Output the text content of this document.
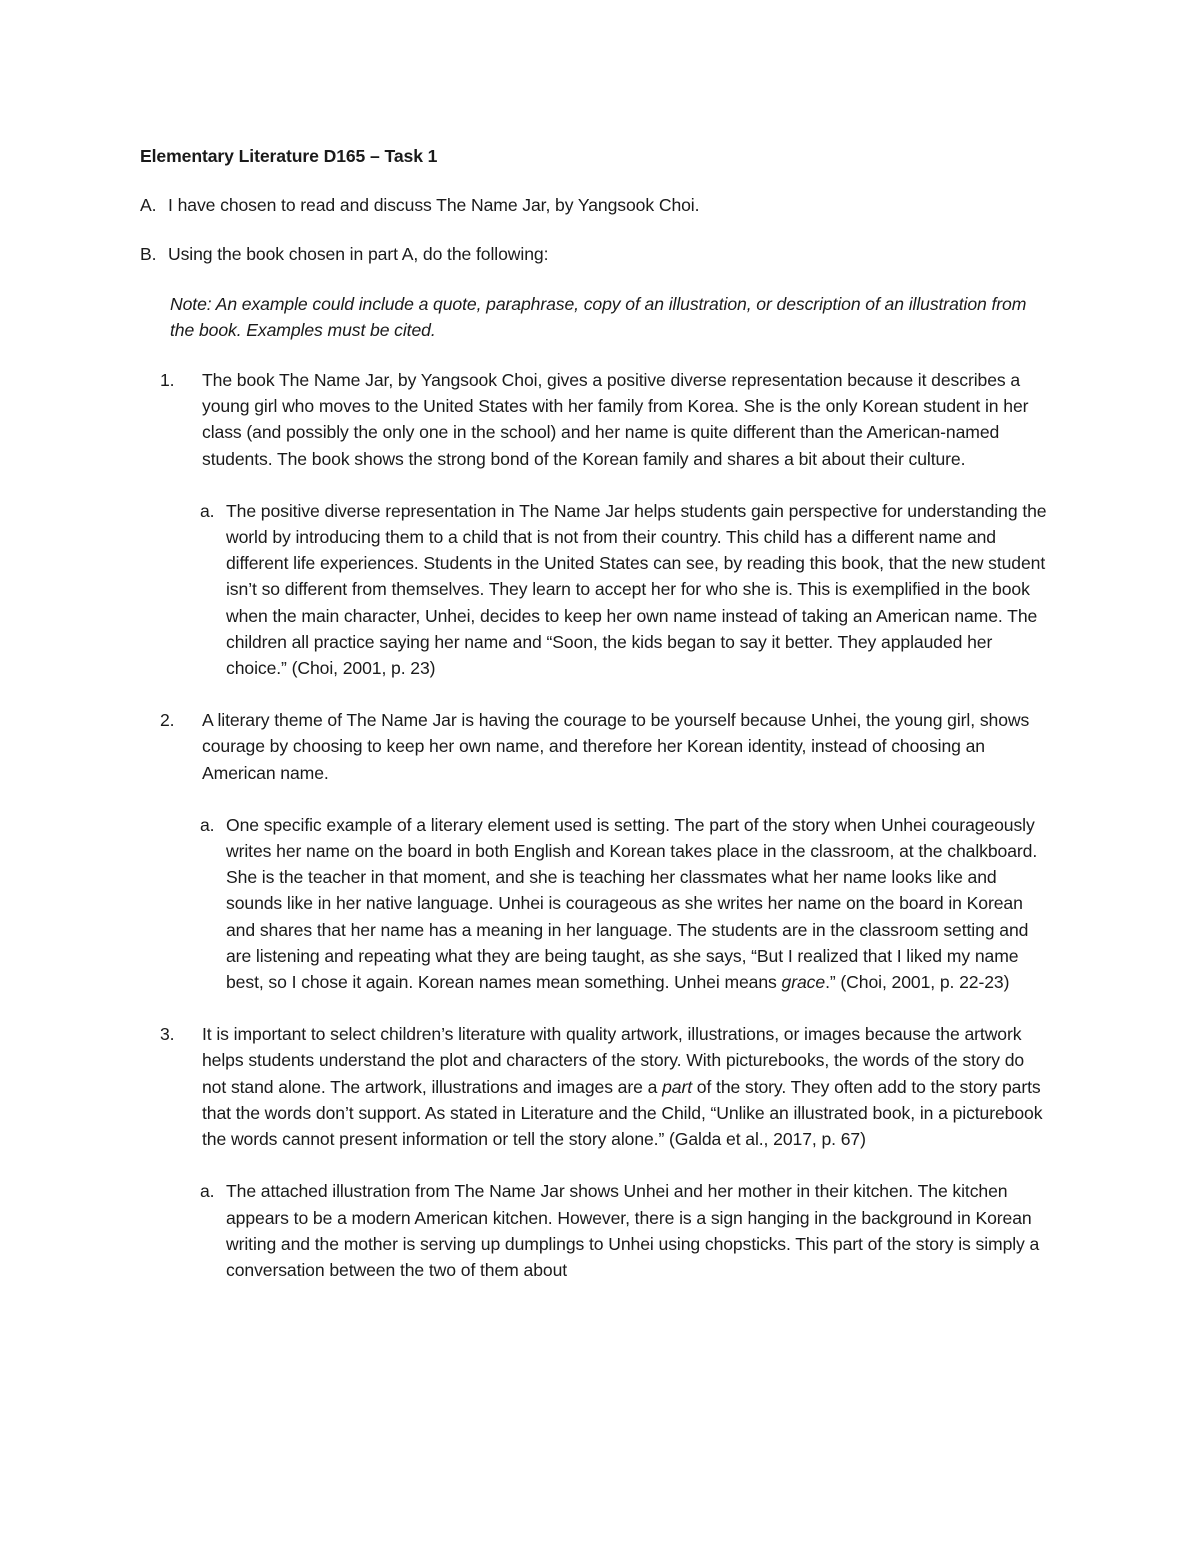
Elementary Literature D165 – Task 1

A. I have chosen to read and discuss The Name Jar, by Yangsook Choi.

B. Using the book chosen in part A, do the following:

Note: An example could include a quote, paraphrase, copy of an illustration, or description of an illustration from the book. Examples must be cited.

1. The book The Name Jar, by Yangsook Choi, gives a positive diverse representation because it describes a young girl who moves to the United States with her family from Korea. She is the only Korean student in her class (and possibly the only one in the school) and her name is quite different than the American-named students. The book shows the strong bond of the Korean family and shares a bit about their culture.

a. The positive diverse representation in The Name Jar helps students gain perspective for understanding the world by introducing them to a child that is not from their country. This child has a different name and different life experiences. Students in the United States can see, by reading this book, that the new student isn’t so different from themselves. They learn to accept her for who she is. This is exemplified in the book when the main character, Unhei, decides to keep her own name instead of taking an American name. The children all practice saying her name and “Soon, the kids began to say it better. They applauded her choice.” (Choi, 2001, p. 23)

2. A literary theme of The Name Jar is having the courage to be yourself because Unhei, the young girl, shows courage by choosing to keep her own name, and therefore her Korean identity, instead of choosing an American name.

a. One specific example of a literary element used is setting. The part of the story when Unhei courageously writes her name on the board in both English and Korean takes place in the classroom, at the chalkboard. She is the teacher in that moment, and she is teaching her classmates what her name looks like and sounds like in her native language. Unhei is courageous as she writes her name on the board in Korean and shares that her name has a meaning in her language. The students are in the classroom setting and are listening and repeating what they are being taught, as she says, “But I realized that I liked my name best, so I chose it again. Korean names mean something. Unhei means grace.” (Choi, 2001, p. 22-23)

3. It is important to select children’s literature with quality artwork, illustrations, or images because the artwork helps students understand the plot and characters of the story. With picturebooks, the words of the story do not stand alone. The artwork, illustrations and images are a part of the story. They often add to the story parts that the words don’t support. As stated in Literature and the Child, “Unlike an illustrated book, in a picturebook the words cannot present information or tell the story alone.” (Galda et al., 2017, p. 67)

a. The attached illustration from The Name Jar shows Unhei and her mother in their kitchen. The kitchen appears to be a modern American kitchen. However, there is a sign hanging in the background in Korean writing and the mother is serving up dumplings to Unhei using chopsticks. This part of the story is simply a conversation between the two of them about
